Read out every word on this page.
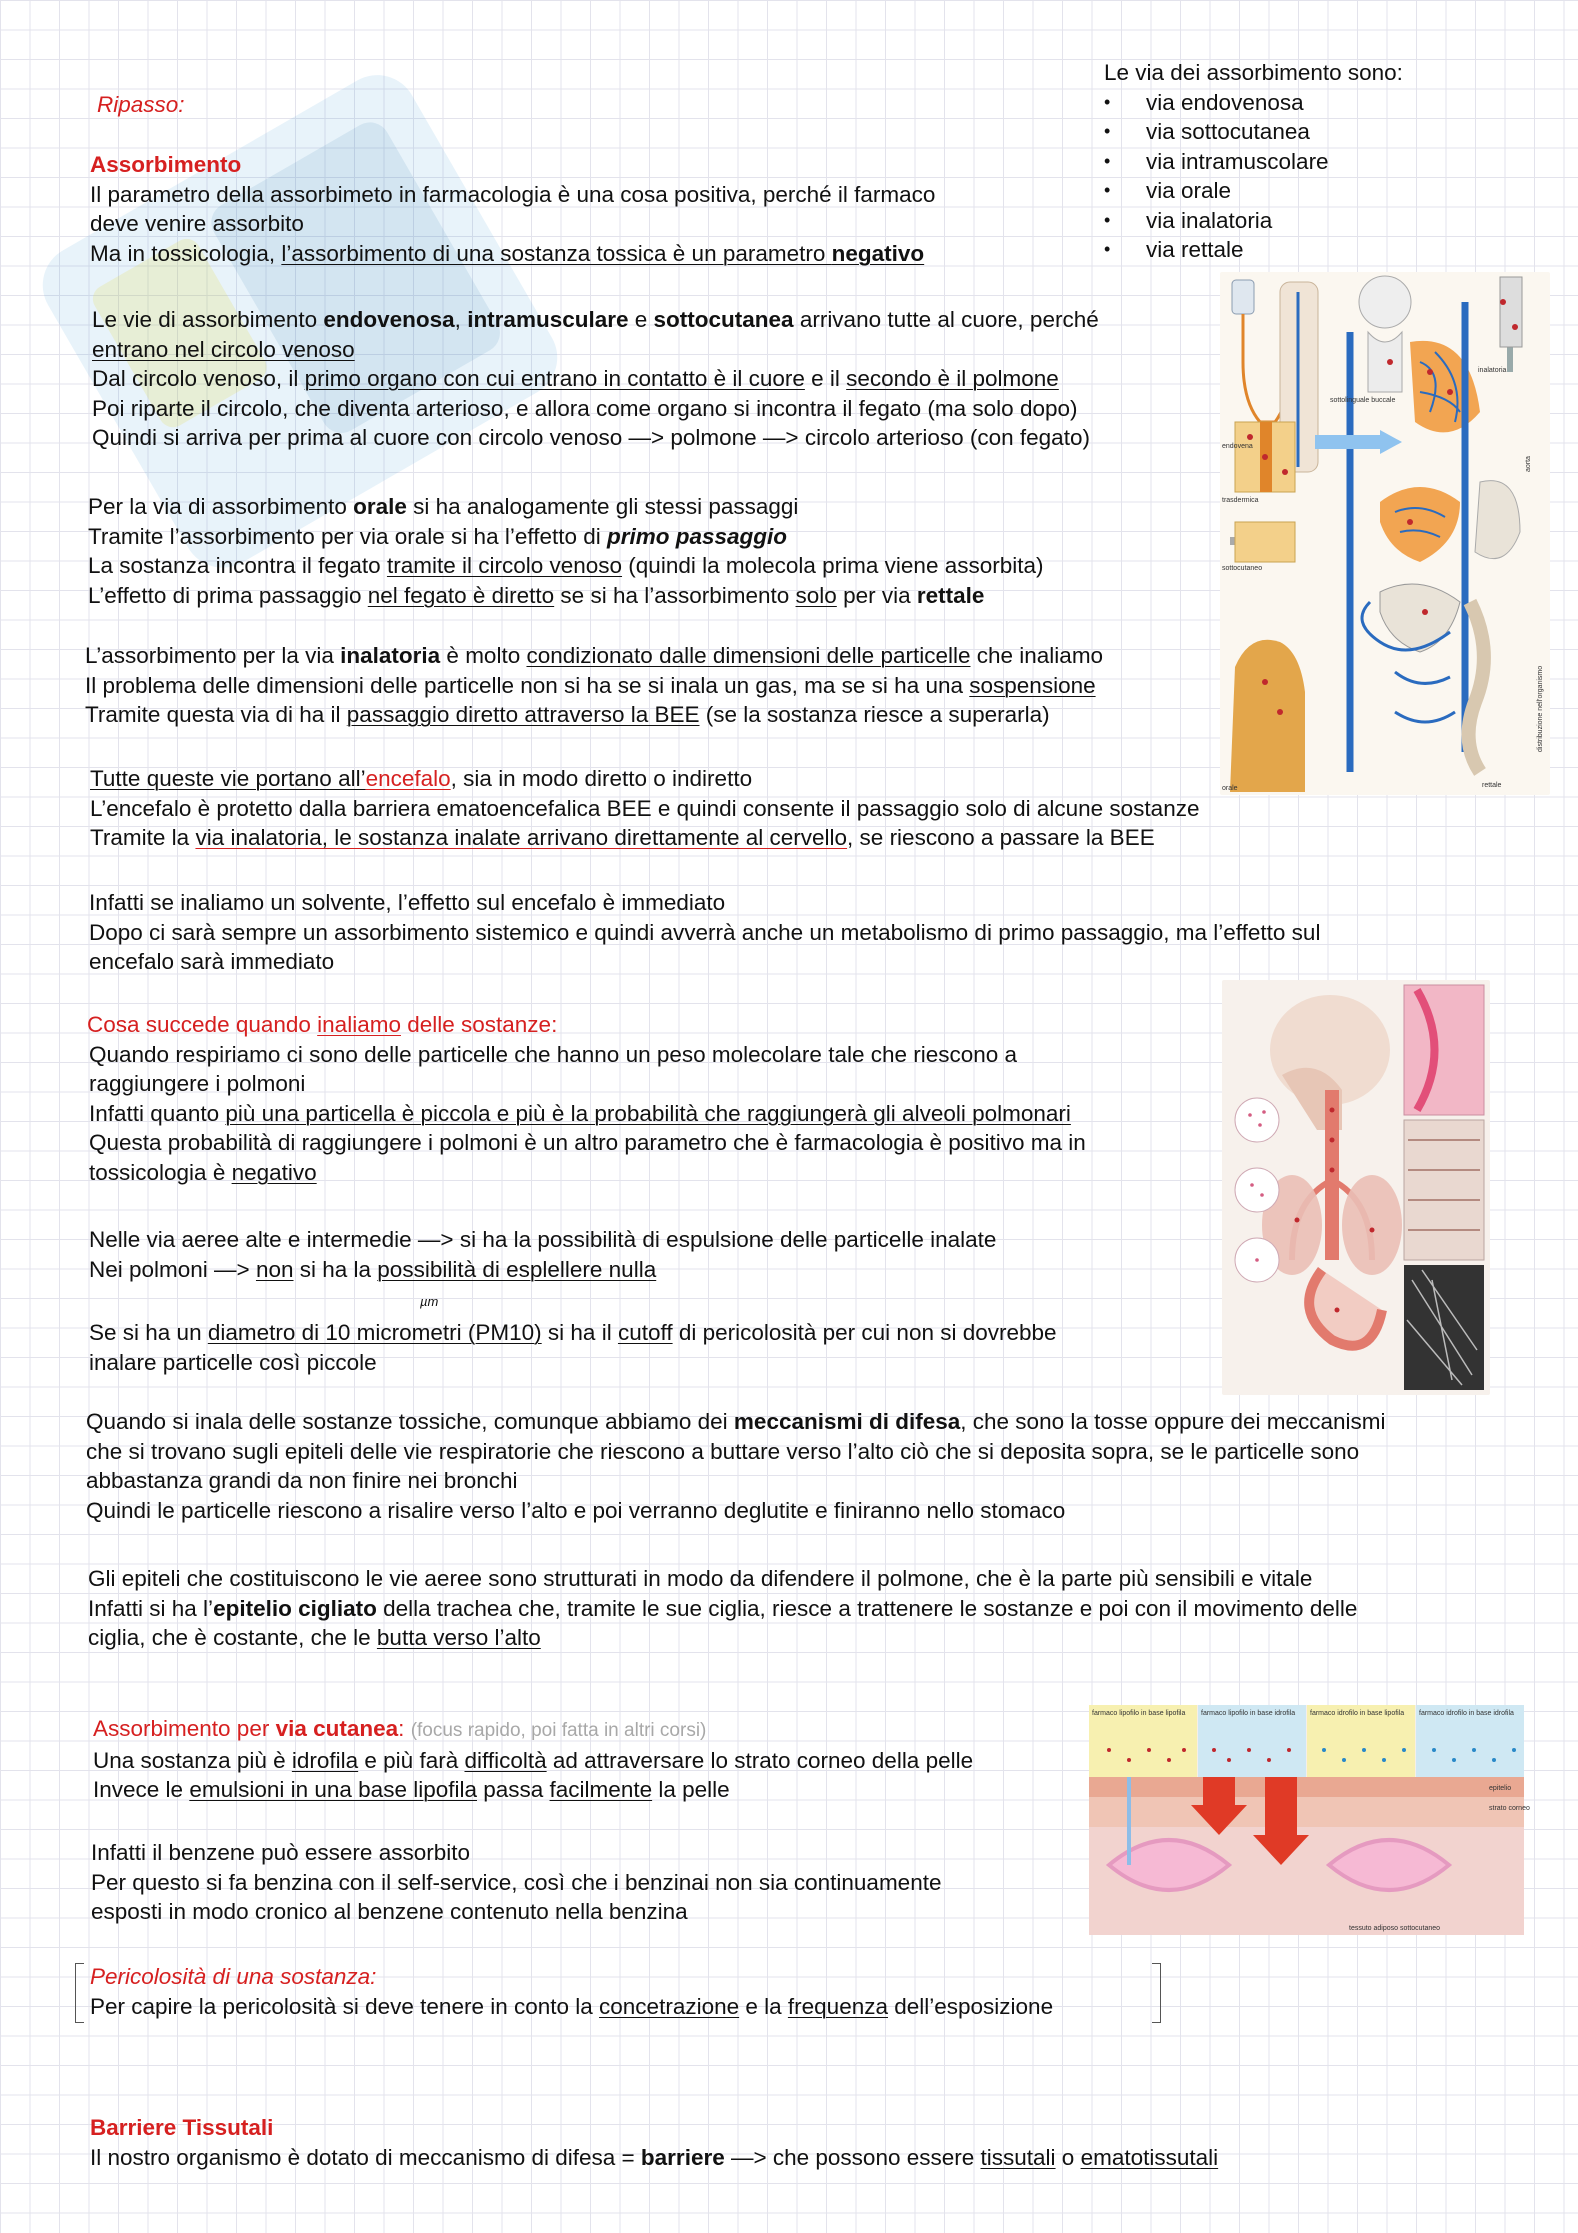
Ripasso:
Le via dei assorbimento sono:
• via endovenosa
• via sottocutanea
• via intramuscolare
• via orale
• via inalatoria
• via rettale
Assorbimento
Il parametro della assorbimeto in farmacologia è una cosa positiva, perché il farmaco
deve venire assorbito
Ma in tossicologia, l’assorbimento di una sostanza tossica è un parametro negativo
Le vie di assorbimento endovenosa, intramusculare e sottocutanea arrivano tutte al cuore, perché
entrano nel circolo venoso
Dal circolo venoso, il primo organo con cui entrano in contatto è il cuore e il secondo è il polmone
Poi riparte il circolo, che diventa arterioso, e allora come organo si incontra il fegato (ma solo dopo)
Quindi si arriva per prima al cuore con circolo venoso —> polmone —> circolo arterioso (con fegato)
Per la via di assorbimento orale si ha analogamente gli stessi passaggi
Tramite l’assorbimento per via orale si ha l’effetto di primo passaggio
La sostanza incontra il fegato tramite il circolo venoso (quindi la molecola prima viene assorbita)
L’effetto di prima passaggio nel fegato è diretto se si ha l’assorbimento solo per via rettale
L’assorbimento per la via inalatoria è molto condizionato dalle dimensioni delle particelle che inaliamo
Il problema delle dimensioni delle particelle non si ha se si inala un gas, ma se si ha una sospensione
Tramite questa via di ha il passaggio diretto attraverso la BEE (se la sostanza riesce a superarla)
Tutte queste vie portano all’encefalo, sia in modo diretto o indiretto
L’encefalo è protetto dalla barriera ematoencefalica BEE e quindi consente il passaggio solo di alcune sostanze
Tramite la via inalatoria, le sostanza inalate arrivano direttamente al cervello, se riescono a passare la BEE
Infatti se inaliamo un solvente, l’effetto sul encefalo è immediato
Dopo ci sarà sempre un assorbimento sistemico e quindi avverrà anche un metabolismo di primo passaggio, ma l’effetto sul
encefalo sarà immediato
Cosa succede quando inaliamo delle sostanze:
Quando respiriamo ci sono delle particelle che hanno un peso molecolare tale che riescono a
raggiungere i polmoni
Infatti quanto più una particella è piccola e più è la probabilità che raggiungerà gli alveoli polmonari
Questa probabilità di raggiungere i polmoni è un altro parametro che è farmacologia è positivo ma in
tossicologia è negativo
Nelle via aeree alte e intermedie —> si ha la possibilità di espulsione delle particelle inalate
Nei polmoni —> non si ha la possibilità di esplellere nulla
µm
Se si ha un diametro di 10 micrometri (PM10) si ha il cutoff di pericolosità per cui non si dovrebbe
inalare particelle così piccole
Quando si inala delle sostanze tossiche, comunque abbiamo dei meccanismi di difesa, che sono la tosse oppure dei meccanismi
che si trovano sugli epiteli delle vie respiratorie che riescono a buttare verso l’alto ciò che si deposita sopra, se le particelle sono
abbastanza grandi da non finire nei bronchi
Quindi le particelle riescono a risalire verso l’alto e poi verranno deglutite e finiranno nello stomaco
Gli epiteli che costituiscono le vie aeree sono strutturati in modo da difendere il polmone, che è la parte più sensibili e vitale
Infatti si ha l’epitelio cigliato della trachea che, tramite le sue ciglia, riesce a trattenere le sostanze e poi con il movimento delle
ciglia, che è costante, che le butta verso l’alto
Assorbimento per via cutanea: (focus rapido, poi fatta in altri corsi)
Una sostanza più è idrofila e più farà difficoltà ad attraversare lo strato corneo della pelle
Invece le emulsioni in una base lipofila passa facilmente la pelle
Infatti il benzene può essere assorbito
Per questo si fa benzina con il self-service, così che i benzinai non sia continuamente
esposti in modo cronico al benzene contenuto nella benzina
Pericolosità di una sostanza:
Per capire la pericolosità si deve tenere in conto la concetrazione e la frequenza dell’esposizione
Barriere Tissutali
Il nostro organismo è dotato di meccanismo di difesa = barriere —> che possono essere tissutali o ematotissutali
endovena
sottolinguale buccale
inalatoria
trasdermica
sottocutaneo
orale
distribuzione nell'organismo
rettale
aorta
farmaco lipofilo in base lipofila farmaco lipofilo in base idrofila farmaco idrofilo in base lipofila farmaco idrofilo in base idrofila
epitelio
strato corneo
tessuto adiposo sottocutaneo
